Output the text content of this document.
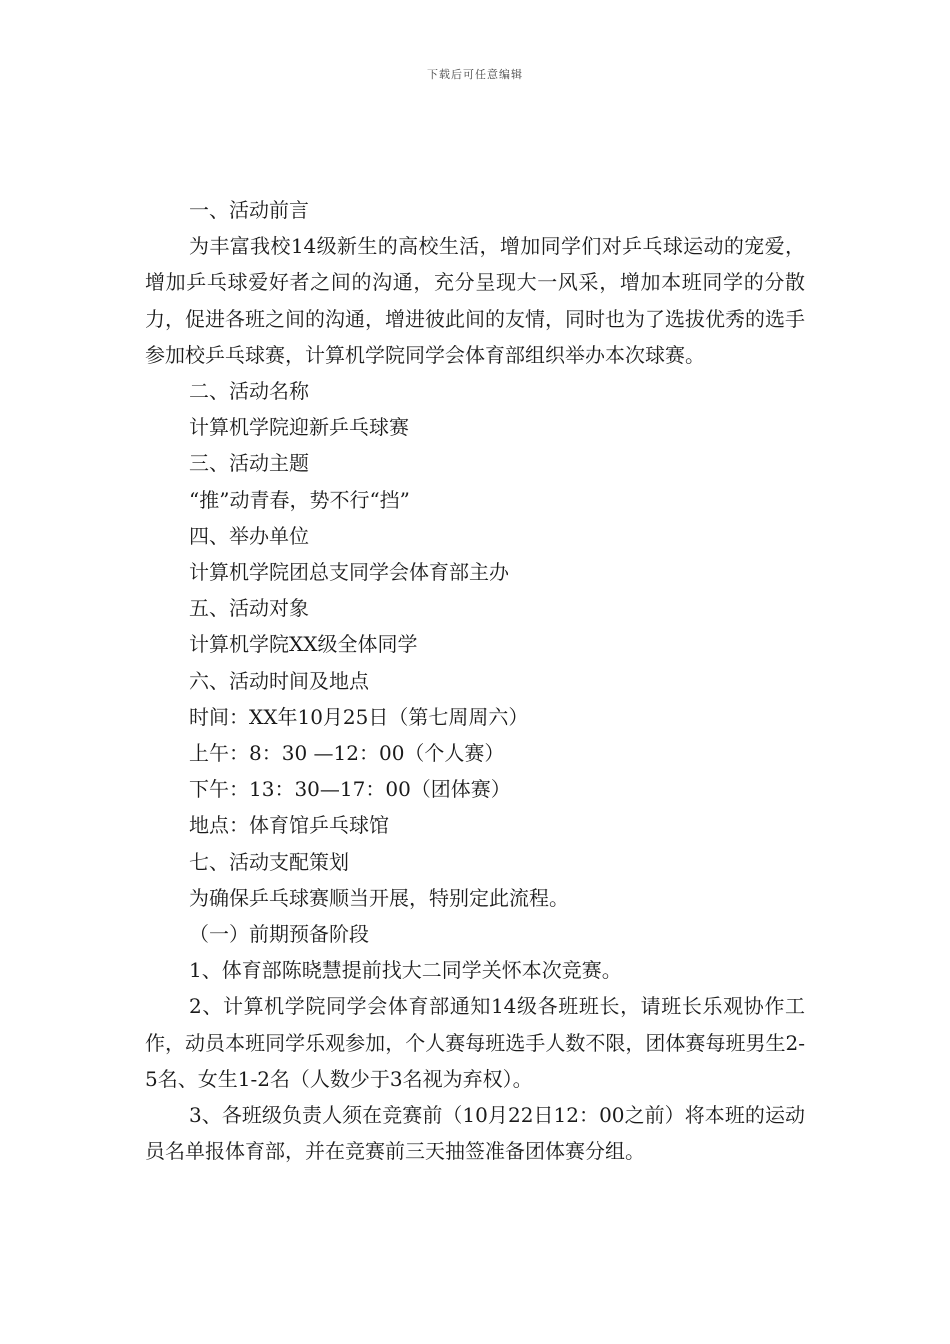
下载后可任意编辑

一、活动前言

为丰富我校14级新生的高校生活，增加同学们对乒乓球运动的宠爱，增加乒乓球爱好者之间的沟通，充分呈现大一风采，增加本班同学的分散力，促进各班之间的沟通，增进彼此间的友情，同时也为了选拔优秀的选手参加校乒乓球赛，计算机学院同学会体育部组织举办本次球赛。

二、活动名称

计算机学院迎新乒乓球赛

三、活动主题

“推”动青春，势不行“挡”

四、举办单位

计算机学院团总支同学会体育部主办

五、活动对象

计算机学院XX级全体同学

六、活动时间及地点

时间：XX年10月25日（第七周周六）

上午：8：30 —12：00（个人赛）

下午：13：30—17：00（团体赛）

地点：体育馆乒乓球馆

七、活动支配策划

为确保乒乓球赛顺当开展，特别定此流程。

（一）前期预备阶段

1、体育部陈晓慧提前找大二同学关怀本次竞赛。

2、计算机学院同学会体育部通知14级各班班长，请班长乐观协作工作，动员本班同学乐观参加，个人赛每班选手人数不限，团体赛每班男生2-5名、女生1-2名（人数少于3名视为弃权）。

3、各班级负责人须在竞赛前（10月22日12：00之前）将本班的运动员名单报体育部，并在竞赛前三天抽签准备团体赛分组。
